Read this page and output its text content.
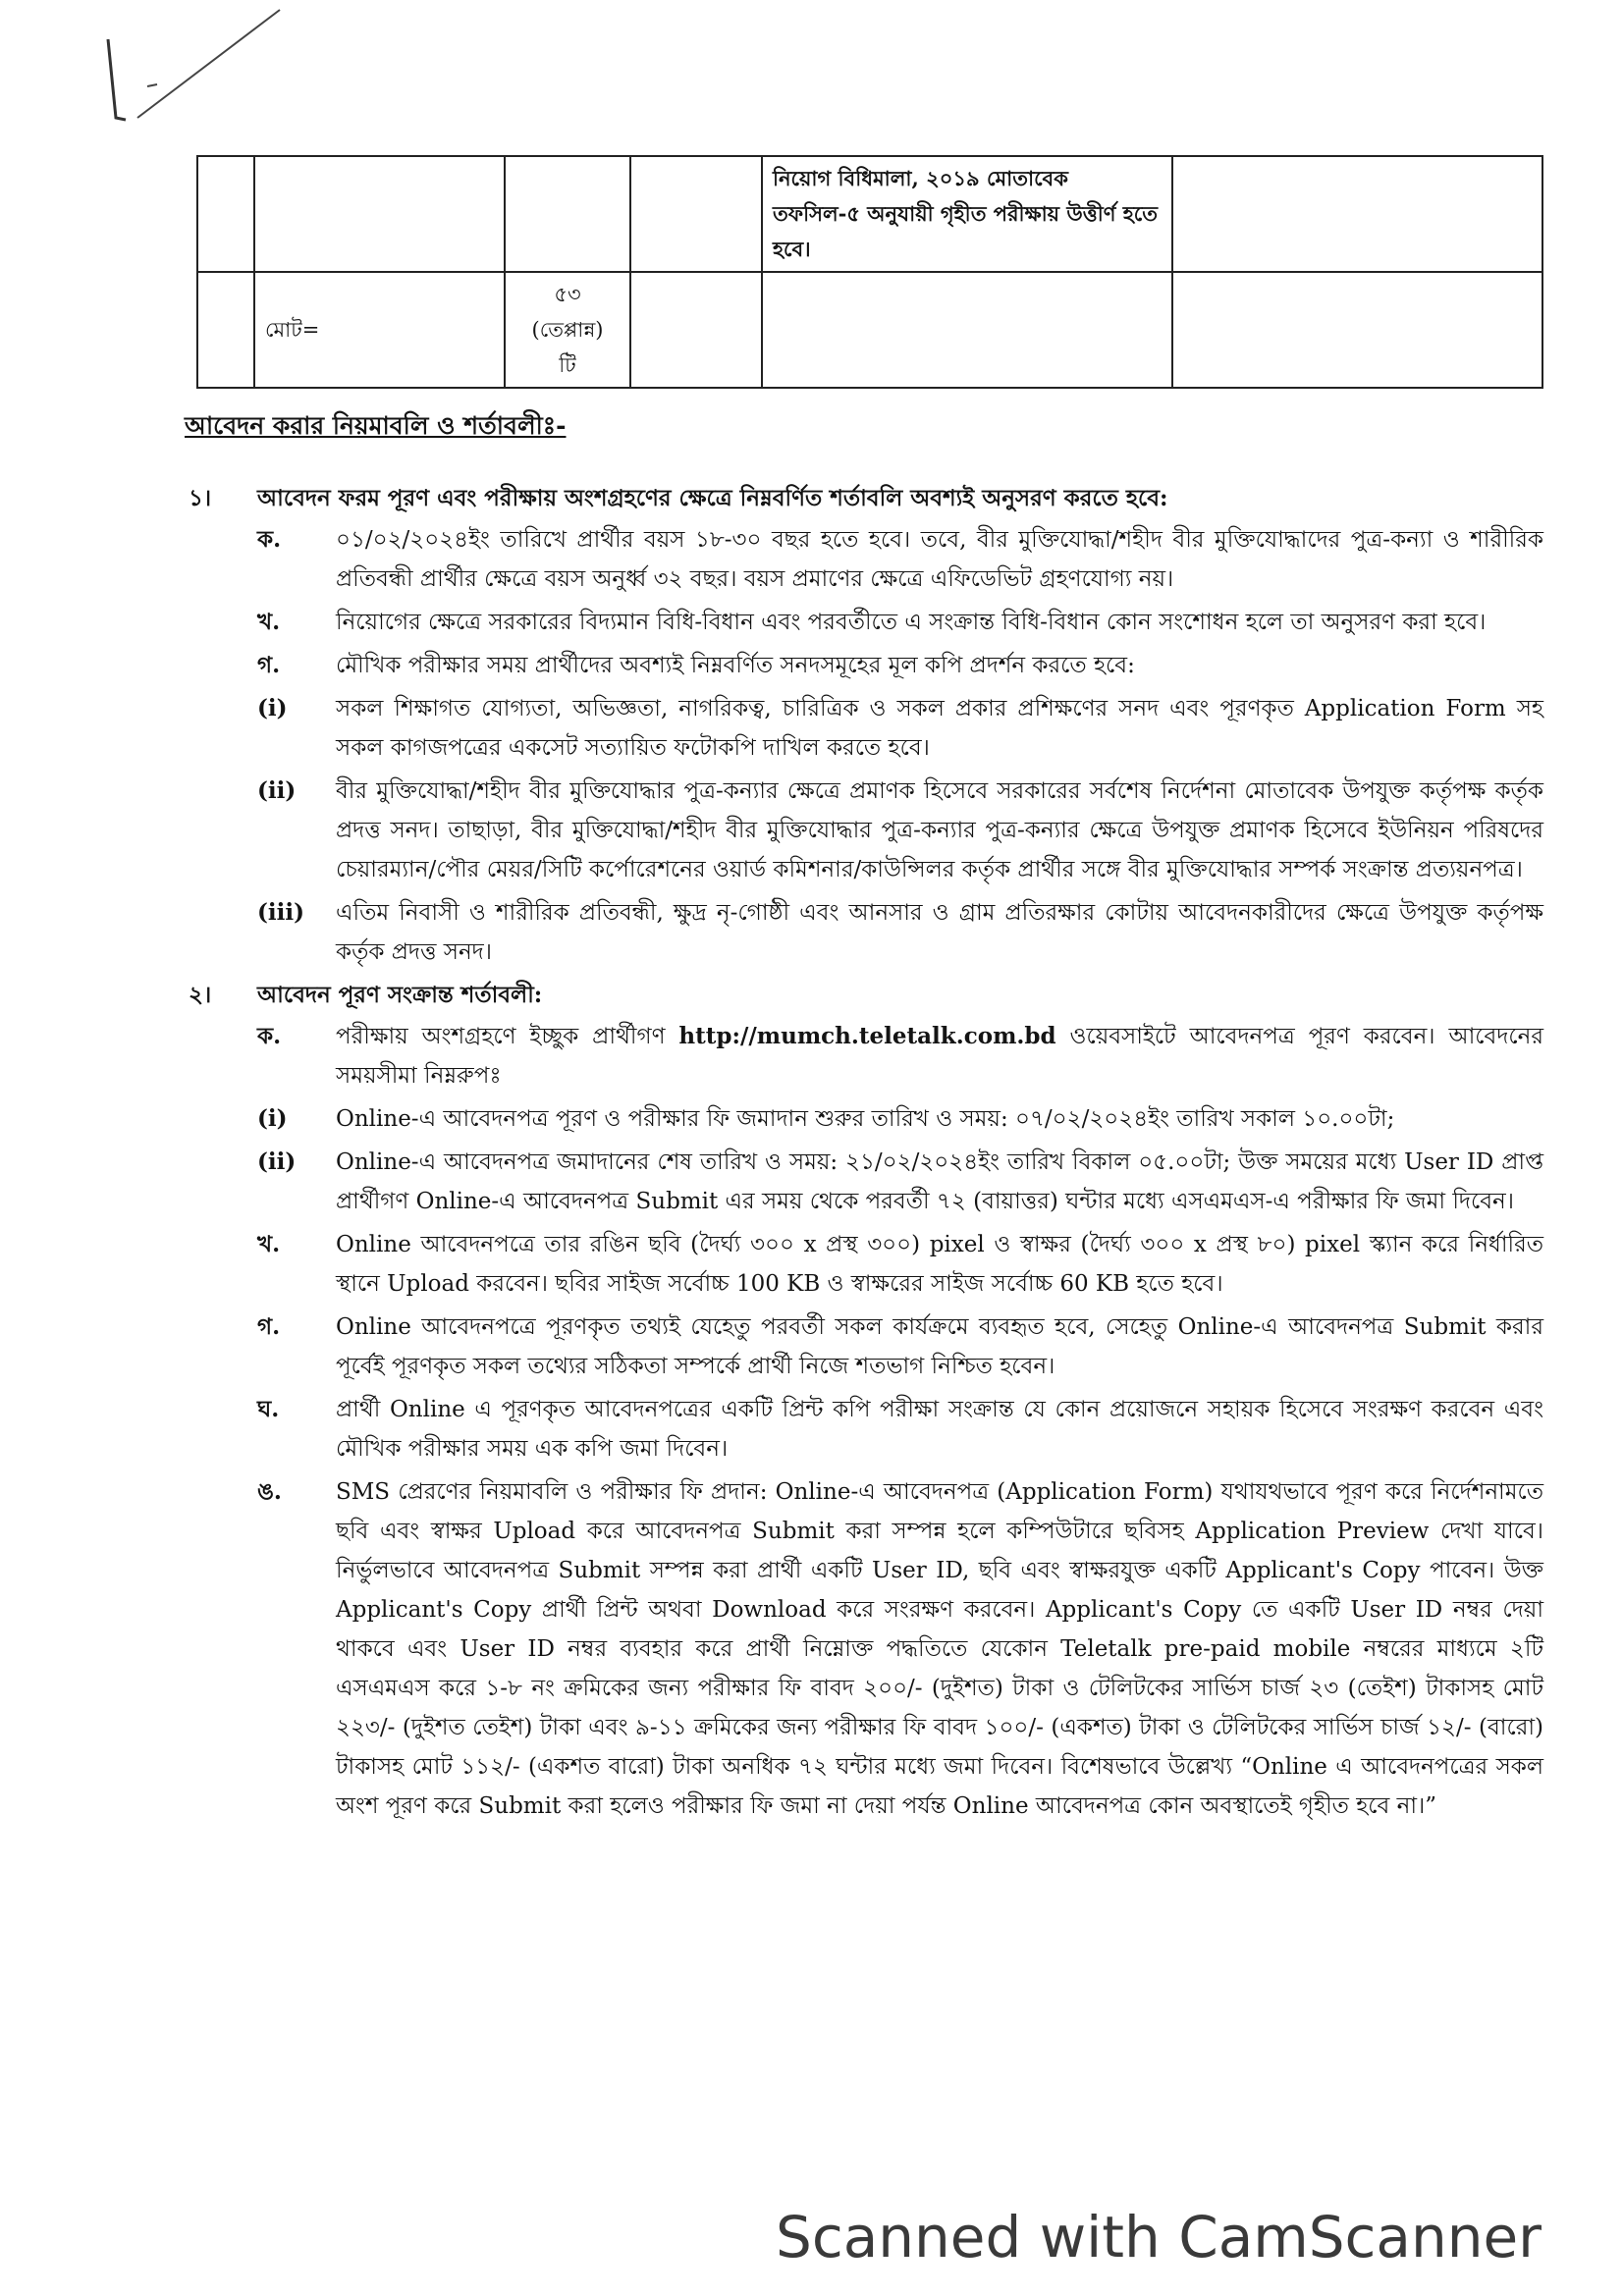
				নিয়োগ বিধিমালা, ২০১৯ মোতাবেক তফসিল-৫ অনুযায়ী গৃহীত পরীক্ষায় উত্তীর্ণ হতে হবে।	
	মোট=	৫৩
(তেপ্পান্ন)
টি			

আবেদন করার নিয়মাবলি ও শর্তাবলীঃ-
১।	আবেদন ফরম পূরণ এবং পরীক্ষায় অংশগ্রহণের ক্ষেত্রে নিম্নবর্ণিত শর্তাবলি অবশ্যই অনুসরণ করতে হবে:
ক.	০১/০২/২০২৪ইং তারিখে প্রার্থীর বয়স ১৮-৩০ বছর হতে হবে। তবে, বীর মুক্তিযোদ্ধা/শহীদ বীর মুক্তিযোদ্ধাদের পুত্র-কন্যা ও শারীরিক প্রতিবন্ধী প্রার্থীর ক্ষেত্রে বয়স অনুর্ধ্ব ৩২ বছর। বয়স প্রমাণের ক্ষেত্রে এফিডেভিট গ্রহণযোগ্য নয়।
খ.	নিয়োগের ক্ষেত্রে সরকারের বিদ্যমান বিধি-বিধান এবং পরবর্তীতে এ সংক্রান্ত বিধি-বিধান কোন সংশোধন হলে তা অনুসরণ করা হবে।
গ.	মৌখিক পরীক্ষার সময় প্রার্থীদের অবশ্যই নিম্নবর্ণিত সনদসমূহের মূল কপি প্রদর্শন করতে হবে:
(i)	সকল শিক্ষাগত যোগ্যতা, অভিজ্ঞতা, নাগরিকত্ব, চারিত্রিক ও সকল প্রকার প্রশিক্ষণের সনদ এবং পূরণকৃত Application Form সহ সকল কাগজপত্রের একসেট সত্যায়িত ফটোকপি দাখিল করতে হবে।
(ii)	বীর মুক্তিযোদ্ধা/শহীদ বীর মুক্তিযোদ্ধার পুত্র-কন্যার ক্ষেত্রে প্রমাণক হিসেবে সরকারের সর্বশেষ নির্দেশনা মোতাবেক উপযুক্ত কর্তৃপক্ষ কর্তৃক প্রদত্ত সনদ। তাছাড়া, বীর মুক্তিযোদ্ধা/শহীদ বীর মুক্তিযোদ্ধার পুত্র-কন্যার পুত্র-কন্যার ক্ষেত্রে উপযুক্ত প্রমাণক হিসেবে ইউনিয়ন পরিষদের চেয়ারম্যান/পৌর মেয়র/সিটি কর্পোরেশনের ওয়ার্ড কমিশনার/কাউন্সিলর কর্তৃক প্রার্থীর সঙ্গে বীর মুক্তিযোদ্ধার সম্পর্ক সংক্রান্ত প্রত্যয়নপত্র।
(iii)	এতিম নিবাসী ও শারীরিক প্রতিবন্ধী, ক্ষুদ্র নৃ-গোষ্ঠী এবং আনসার ও গ্রাম প্রতিরক্ষার কোটায় আবেদনকারীদের ক্ষেত্রে উপযুক্ত কর্তৃপক্ষ কর্তৃক প্রদত্ত সনদ।
২।	আবেদন পূরণ সংক্রান্ত শর্তাবলী:
ক.	পরীক্ষায় অংশগ্রহণে ইচ্ছুক প্রার্থীগণ http://mumch.teletalk.com.bd ওয়েবসাইটে আবেদনপত্র পূরণ করবেন। আবেদনের সময়সীমা নিম্নরুপঃ
(i)	Online-এ আবেদনপত্র পূরণ ও পরীক্ষার ফি জমাদান শুরুর তারিখ ও সময়: ০৭/০২/২০২৪ইং তারিখ সকাল ১০.০০টা;
(ii)	Online-এ আবেদনপত্র জমাদানের শেষ তারিখ ও সময়: ২১/০২/২০২৪ইং তারিখ বিকাল ০৫.০০টা; উক্ত সময়ের মধ্যে User ID প্রাপ্ত প্রার্থীগণ Online-এ আবেদনপত্র Submit এর সময় থেকে পরবর্তী ৭২ (বায়াত্তর) ঘন্টার মধ্যে এসএমএস-এ পরীক্ষার ফি জমা দিবেন।
খ.	Online আবেদনপত্রে তার রঙিন ছবি (দৈর্ঘ্য ৩০০ x প্রস্থ ৩০০) pixel ও স্বাক্ষর (দৈর্ঘ্য ৩০০ x প্রস্থ ৮০) pixel স্ক্যান করে নির্ধারিত স্থানে Upload করবেন। ছবির সাইজ সর্বোচ্চ 100 KB ও স্বাক্ষরের সাইজ সর্বোচ্চ 60 KB হতে হবে।
গ.	Online আবেদনপত্রে পূরণকৃত তথ্যই যেহেতু পরবর্তী সকল কার্যক্রমে ব্যবহৃত হবে, সেহেতু Online-এ আবেদনপত্র Submit করার পূর্বেই পূরণকৃত সকল তথ্যের সঠিকতা সম্পর্কে প্রার্থী নিজে শতভাগ নিশ্চিত হবেন।
ঘ.	প্রার্থী Online এ পূরণকৃত আবেদনপত্রের একটি প্রিন্ট কপি পরীক্ষা সংক্রান্ত যে কোন প্রয়োজনে সহায়ক হিসেবে সংরক্ষণ করবেন এবং মৌখিক পরীক্ষার সময় এক কপি জমা দিবেন।
ঙ.	SMS প্রেরণের নিয়মাবলি ও পরীক্ষার ফি প্রদান: Online-এ আবেদনপত্র (Application Form) যথাযথভাবে পূরণ করে নির্দেশনামতে ছবি এবং স্বাক্ষর Upload করে আবেদনপত্র Submit করা সম্পন্ন হলে কম্পিউটারে ছবিসহ Application Preview দেখা যাবে। নির্ভুলভাবে আবেদনপত্র Submit সম্পন্ন করা প্রার্থী একটি User ID, ছবি এবং স্বাক্ষরযুক্ত একটি Applicant's Copy পাবেন। উক্ত Applicant's Copy প্রার্থী প্রিন্ট অথবা Download করে সংরক্ষণ করবেন। Applicant's Copy তে একটি User ID নম্বর দেয়া থাকবে এবং User ID নম্বর ব্যবহার করে প্রার্থী নিম্নোক্ত পদ্ধতিতে যেকোন Teletalk pre-paid mobile নম্বরের মাধ্যমে ২টি এসএমএস করে ১-৮ নং ক্রমিকের জন্য পরীক্ষার ফি বাবদ ২০০/- (দুইশত) টাকা ও টেলিটকের সার্ভিস চার্জ ২৩ (তেইশ) টাকাসহ মোট ২২৩/- (দুইশত তেইশ) টাকা এবং ৯-১১ ক্রমিকের জন্য পরীক্ষার ফি বাবদ ১০০/- (একশত) টাকা ও টেলিটকের সার্ভিস চার্জ ১২/- (বারো) টাকাসহ মোট ১১২/- (একশত বারো) টাকা অনধিক ৭২ ঘন্টার মধ্যে জমা দিবেন। বিশেষভাবে উল্লেখ্য “Online এ আবেদনপত্রের সকল অংশ পূরণ করে Submit করা হলেও পরীক্ষার ফি জমা না দেয়া পর্যন্ত Online আবেদনপত্র কোন অবস্থাতেই গৃহীত হবে না।”
Scanned with CamScanner
